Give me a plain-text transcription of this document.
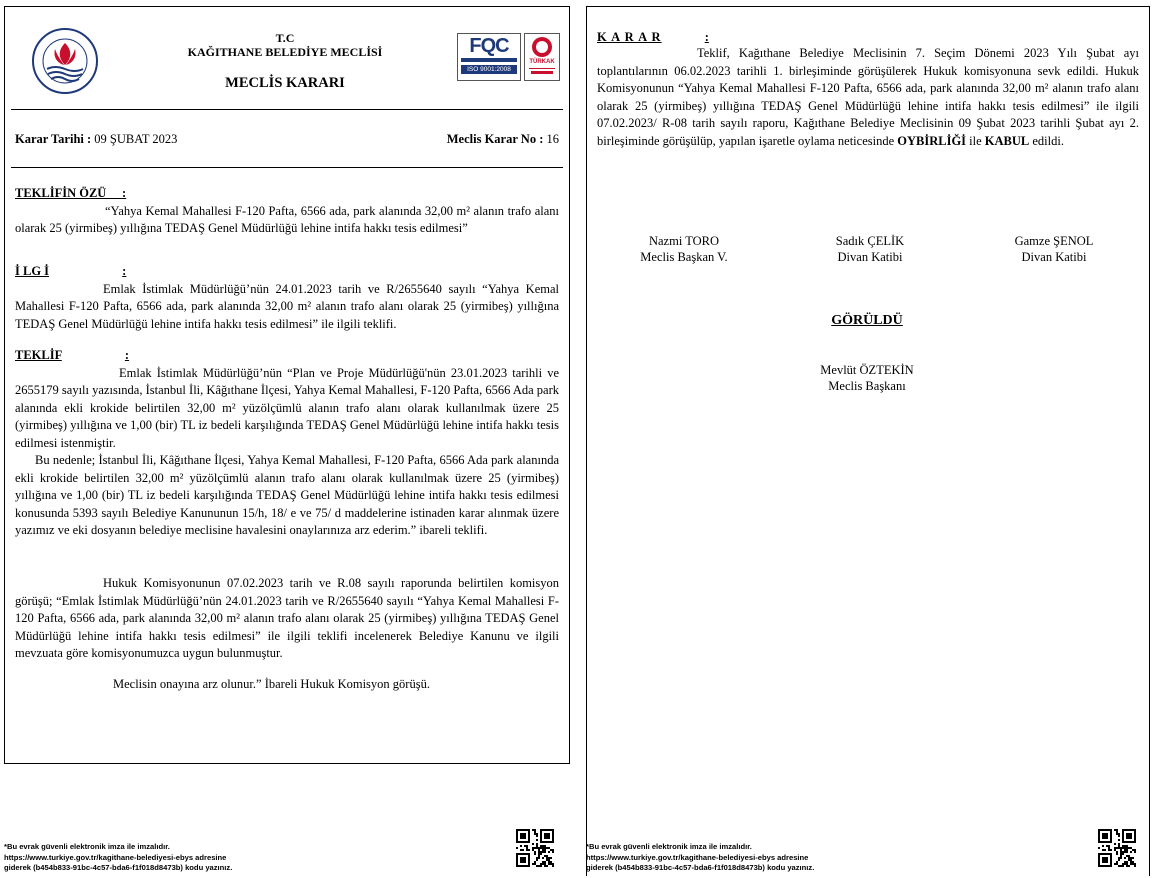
T.C
KAĞITHANE BELEDİYE MECLİSİ
MECLİS KARARI
FQC
ISO 9001:2008
TÜRKAK
Karar Tarihi : 09 ŞUBAT 2023	Meclis Karar No : 16
TEKLİFİN ÖZÜ     :
“Yahya Kemal Mahallesi F-120 Pafta, 6566 ada, park alanında 32,00 m² alanın trafo alanı olarak 25 (yirmibeş) yıllığına TEDAŞ Genel Müdürlüğü lehine intifa hakkı tesis edilmesi”
İ LG İ	:
Emlak İstimlak Müdürlüğü’nün 24.01.2023 tarih ve R/2655640 sayılı “Yahya Kemal Mahallesi F-120 Pafta, 6566 ada, park alanında 32,00 m² alanın trafo alanı olarak 25 (yirmibeş) yıllığına TEDAŞ Genel Müdürlüğü lehine intifa hakkı tesis edilmesi” ile ilgili teklifi.
TEKLİF	:
Emlak İstimlak Müdürlüğü’nün “Plan ve Proje Müdürlüğü'nün 23.01.2023 tarihli ve 2655179 sayılı yazısında, İstanbul İli, Kâğıthane İlçesi, Yahya Kemal Mahallesi, F-120 Pafta, 6566 Ada park alanında ekli krokide belirtilen 32,00 m² yüzölçümlü alanın trafo alanı olarak kullanılmak üzere 25 (yirmibeş) yıllığına ve 1,00 (bir) TL iz bedeli karşılığında TEDAŞ Genel Müdürlüğü lehine intifa hakkı tesis edilmesi istenmiştir.
Bu nedenle; İstanbul İli, Kâğıthane İlçesi, Yahya Kemal Mahallesi, F-120 Pafta, 6566 Ada park alanında ekli krokide belirtilen 32,00 m² yüzölçümlü alanın trafo alanı olarak kullanılmak üzere 25 (yirmibeş) yıllığına ve 1,00 (bir) TL iz bedeli karşılığında TEDAŞ Genel Müdürlüğü lehine intifa hakkı tesis edilmesi konusunda 5393 sayılı Belediye Kanununun 15/h, 18/ e ve 75/ d maddelerine istinaden karar alınmak üzere yazımız ve eki dosyanın belediye meclisine havalesini onaylarınıza arz ederim.” ibareli teklifi.
Hukuk Komisyonunun 07.02.2023 tarih ve R.08 sayılı raporunda belirtilen komisyon görüşü; “Emlak İstimlak Müdürlüğü’nün 24.01.2023 tarih ve R/2655640 sayılı “Yahya Kemal Mahallesi F-120 Pafta, 6566 ada, park alanında 32,00 m² alanın trafo alanı olarak 25 (yirmibeş) yıllığına TEDAŞ Genel Müdürlüğü lehine intifa hakkı tesis edilmesi” ile ilgili teklifi incelenerek Belediye Kanunu ve ilgili mevzuata göre komisyonumuzca uygun bulunmuştur.
Meclisin onayına arz olunur.” İbareli Hukuk Komisyon görüşü.
K A R A R	:
Teklif, Kağıthane Belediye Meclisinin 7. Seçim Dönemi 2023 Yılı Şubat ayı toplantılarının 06.02.2023 tarihli 1. birleşiminde görüşülerek Hukuk komisyonuna sevk edildi. Hukuk Komisyonunun “Yahya Kemal Mahallesi F-120 Pafta, 6566 ada, park alanında 32,00 m² alanın trafo alanı olarak 25 (yirmibeş) yıllığına TEDAŞ Genel Müdürlüğü lehine intifa hakkı tesis edilmesi” ile ilgili 07.02.2023/ R-08 tarih sayılı raporu, Kağıthane Belediye Meclisinin 09 Şubat 2023 tarihli Şubat ayı 2. birleşiminde görüşülüp, yapılan işaretle oylama neticesinde OYBİRLİĞİ ile KABUL edildi.
Nazmi TORO
Meclis Başkan V.
Sadık ÇELİK
Divan Katibi
Gamze ŞENOL
Divan Katibi
GÖRÜLDÜ
Mevlüt ÖZTEKİN
Meclis Başkanı
*Bu evrak güvenli elektronik imza ile imzalıdır.
https://www.turkiye.gov.tr/kagithane-belediyesi-ebys adresine
giderek (b454b833-91bc-4c57-bda6-f1f018d8473b) kodu yazınız.
*Bu evrak güvenli elektronik imza ile imzalıdır.
https://www.turkiye.gov.tr/kagithane-belediyesi-ebys adresine
giderek (b454b833-91bc-4c57-bda6-f1f018d8473b) kodu yazınız.
